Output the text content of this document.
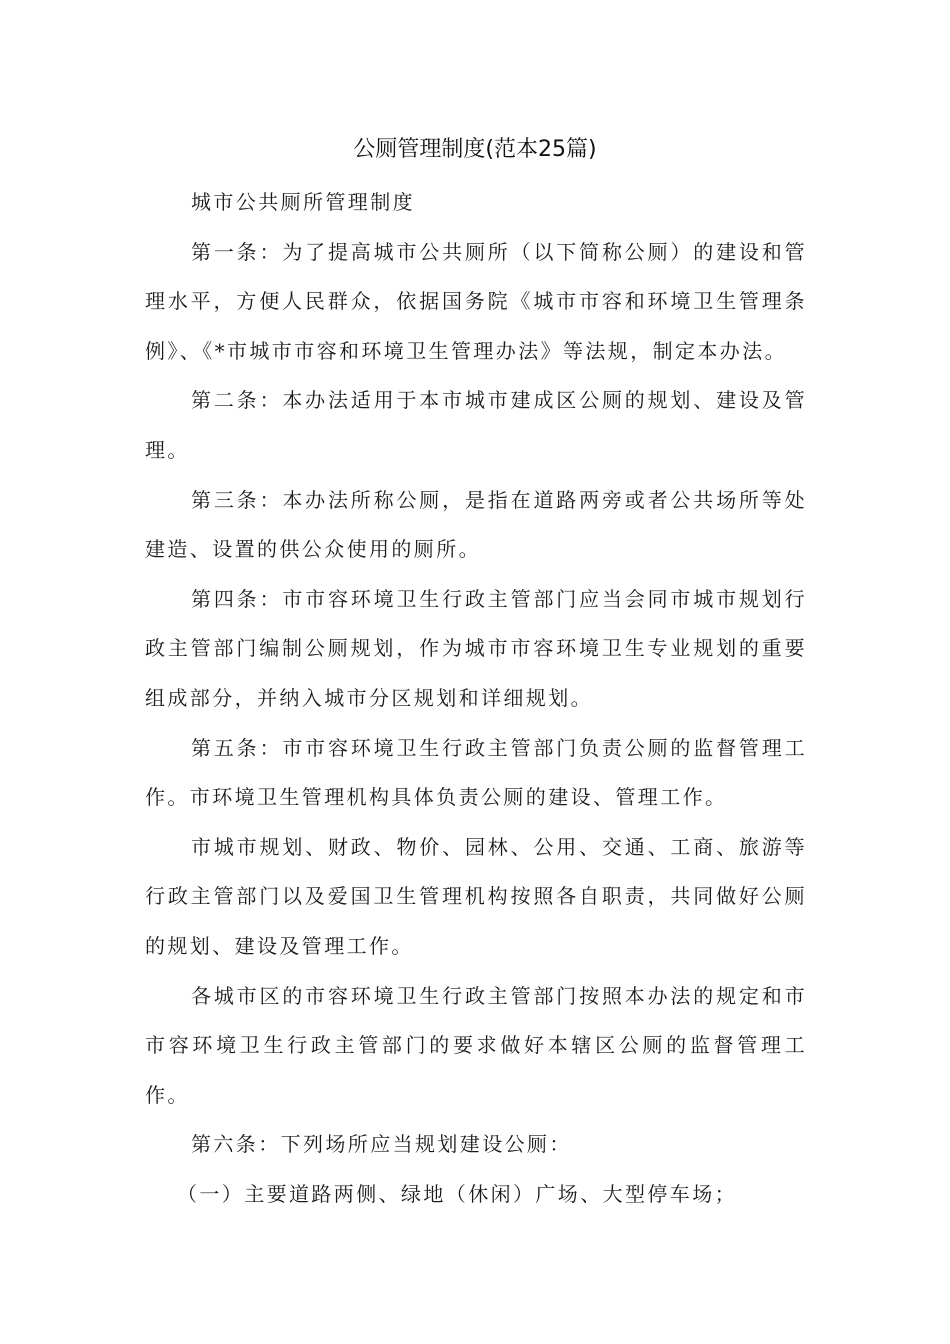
公厕管理制度(范本25篇)

城市公共厕所管理制度

第一条：为了提高城市公共厕所（以下简称公厕）的建设和管理水平，方便人民群众，依据国务院《城市市容和环境卫生管理条例》、《*市城市市容和环境卫生管理办法》等法规，制定本办法。

第二条：本办法适用于本市城市建成区公厕的规划、建设及管理。

第三条：本办法所称公厕，是指在道路两旁或者公共场所等处建造、设置的供公众使用的厕所。

第四条：市市容环境卫生行政主管部门应当会同市城市规划行政主管部门编制公厕规划，作为城市市容环境卫生专业规划的重要组成部分，并纳入城市分区规划和详细规划。

第五条：市市容环境卫生行政主管部门负责公厕的监督管理工作。市环境卫生管理机构具体负责公厕的建设、管理工作。

市城市规划、财政、物价、园林、公用、交通、工商、旅游等行政主管部门以及爱国卫生管理机构按照各自职责，共同做好公厕的规划、建设及管理工作。

各城市区的市容环境卫生行政主管部门按照本办法的规定和市市容环境卫生行政主管部门的要求做好本辖区公厕的监督管理工作。

第六条：下列场所应当规划建设公厕：

（一）主要道路两侧、绿地（休闲）广场、大型停车场；
